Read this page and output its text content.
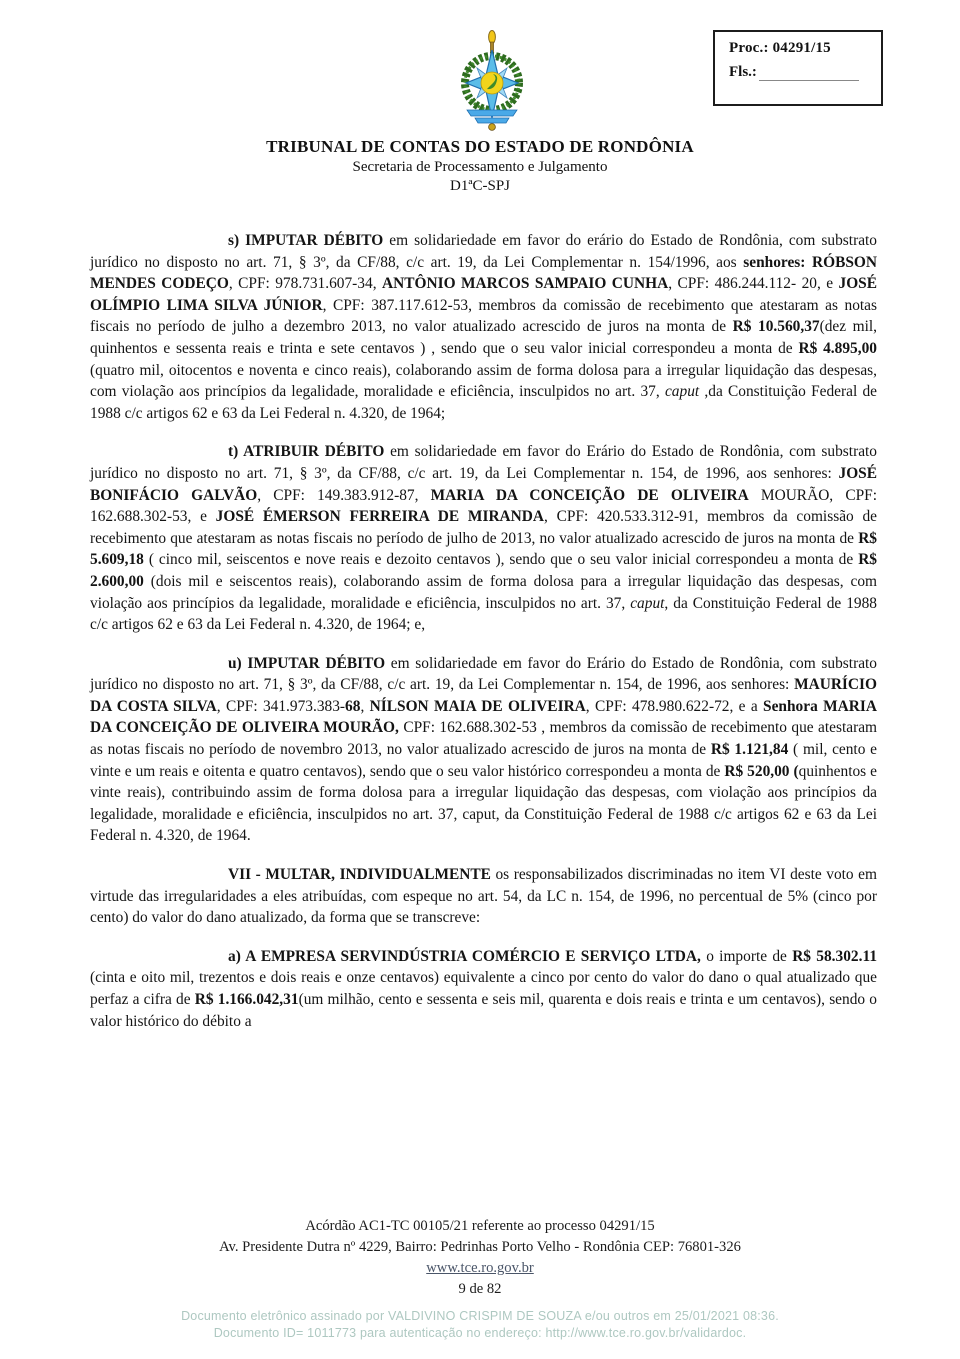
Proc.: 04291/15
Fls.:
TRIBUNAL DE CONTAS DO ESTADO DE RONDÔNIA
Secretaria de Processamento e Julgamento
D1ªC-SPJ

s) IMPUTAR DÉBITO em solidariedade em favor do erário do Estado de Rondônia, com substrato jurídico no disposto no art. 71, § 3º, da CF/88, c/c art. 19, da Lei Complementar n. 154/1996, aos senhores: RÓBSON MENDES CODEÇO, CPF: 978.731.607-34, ANTÔNIO MARCOS SAMPAIO CUNHA, CPF: 486.244.112- 20, e JOSÉ OLÍMPIO LIMA SILVA JÚNIOR, CPF: 387.117.612-53, membros da comissão de recebimento que atestaram as notas fiscais no período de julho a dezembro 2013, no valor atualizado acrescido de juros na monta de R$ 10.560,37(dez mil, quinhentos e sessenta reais e trinta e sete centavos ) , sendo que o seu valor inicial correspondeu a monta de R$ 4.895,00 (quatro mil, oitocentos e noventa e cinco reais), colaborando assim de forma dolosa para a irregular liquidação das despesas, com violação aos princípios da legalidade, moralidade e eficiência, insculpidos no art. 37, caput ,da Constituição Federal de 1988 c/c artigos 62 e 63 da Lei Federal n. 4.320, de 1964;

t) ATRIBUIR DÉBITO em solidariedade em favor do Erário do Estado de Rondônia, com substrato jurídico no disposto no art. 71, § 3º, da CF/88, c/c art. 19, da Lei Complementar n. 154, de 1996, aos senhores: JOSÉ BONIFÁCIO GALVÃO, CPF: 149.383.912-87, MARIA DA CONCEIÇÃO DE OLIVEIRA MOURÃO, CPF: 162.688.302-53, e JOSÉ ÉMERSON FERREIRA DE MIRANDA, CPF: 420.533.312-91, membros da comissão de recebimento que atestaram as notas fiscais no período de julho de 2013, no valor atualizado acrescido de juros na monta de R$ 5.609,18 ( cinco mil, seiscentos e nove reais e dezoito centavos ), sendo que o seu valor inicial correspondeu a monta de R$ 2.600,00 (dois mil e seiscentos reais), colaborando assim de forma dolosa para a irregular liquidação das despesas, com violação aos princípios da legalidade, moralidade e eficiência, insculpidos no art. 37, caput, da Constituição Federal de 1988 c/c artigos 62 e 63 da Lei Federal n. 4.320, de 1964; e,

u) IMPUTAR DÉBITO em solidariedade em favor do Erário do Estado de Rondônia, com substrato jurídico no disposto no art. 71, § 3º, da CF/88, c/c art. 19, da Lei Complementar n. 154, de 1996, aos senhores: MAURÍCIO DA COSTA SILVA, CPF: 341.973.383-68, NÍLSON MAIA DE OLIVEIRA, CPF: 478.980.622-72, e a Senhora MARIA DA CONCEIÇÃO DE OLIVEIRA MOURÃO, CPF: 162.688.302-53 , membros da comissão de recebimento que atestaram as notas fiscais no período de novembro 2013, no valor atualizado acrescido de juros na monta de R$ 1.121,84 ( mil, cento e vinte e um reais e oitenta e quatro centavos), sendo que o seu valor histórico correspondeu a monta de R$ 520,00 (quinhentos e vinte reais), contribuindo assim de forma dolosa para a irregular liquidação das despesas, com violação aos princípios da legalidade, moralidade e eficiência, insculpidos no art. 37, caput, da Constituição Federal de 1988 c/c artigos 62 e 63 da Lei Federal n. 4.320, de 1964.

VII - MULTAR, INDIVIDUALMENTE os responsabilizados discriminadas no item VI deste voto em virtude das irregularidades a eles atribuídas, com espeque no art. 54, da LC n. 154, de 1996, no percentual de 5% (cinco por cento) do valor do dano atualizado, da forma que se transcreve:

a) A EMPRESA SERVINDÚSTRIA COMÉRCIO E SERVIÇO LTDA, o importe de R$ 58.302.11 (cinta e oito mil, trezentos e dois reais e onze centavos) equivalente a cinco por cento do valor do dano o qual atualizado que perfaz a cifra de R$ 1.166.042,31(um milhão, cento e sessenta e seis mil, quarenta e dois reais e trinta e um centavos), sendo o valor histórico do débito a

Acórdão AC1-TC 00105/21 referente ao processo 04291/15
Av. Presidente Dutra nº 4229, Bairro: Pedrinhas Porto Velho - Rondônia CEP: 76801-326
www.tce.ro.gov.br
9 de 82
Documento eletrônico assinado por VALDIVINO CRISPIM DE SOUZA e/ou outros em 25/01/2021 08:36.
Documento ID= 1011773 para autenticação no endereço: http://www.tce.ro.gov.br/validardoc.
